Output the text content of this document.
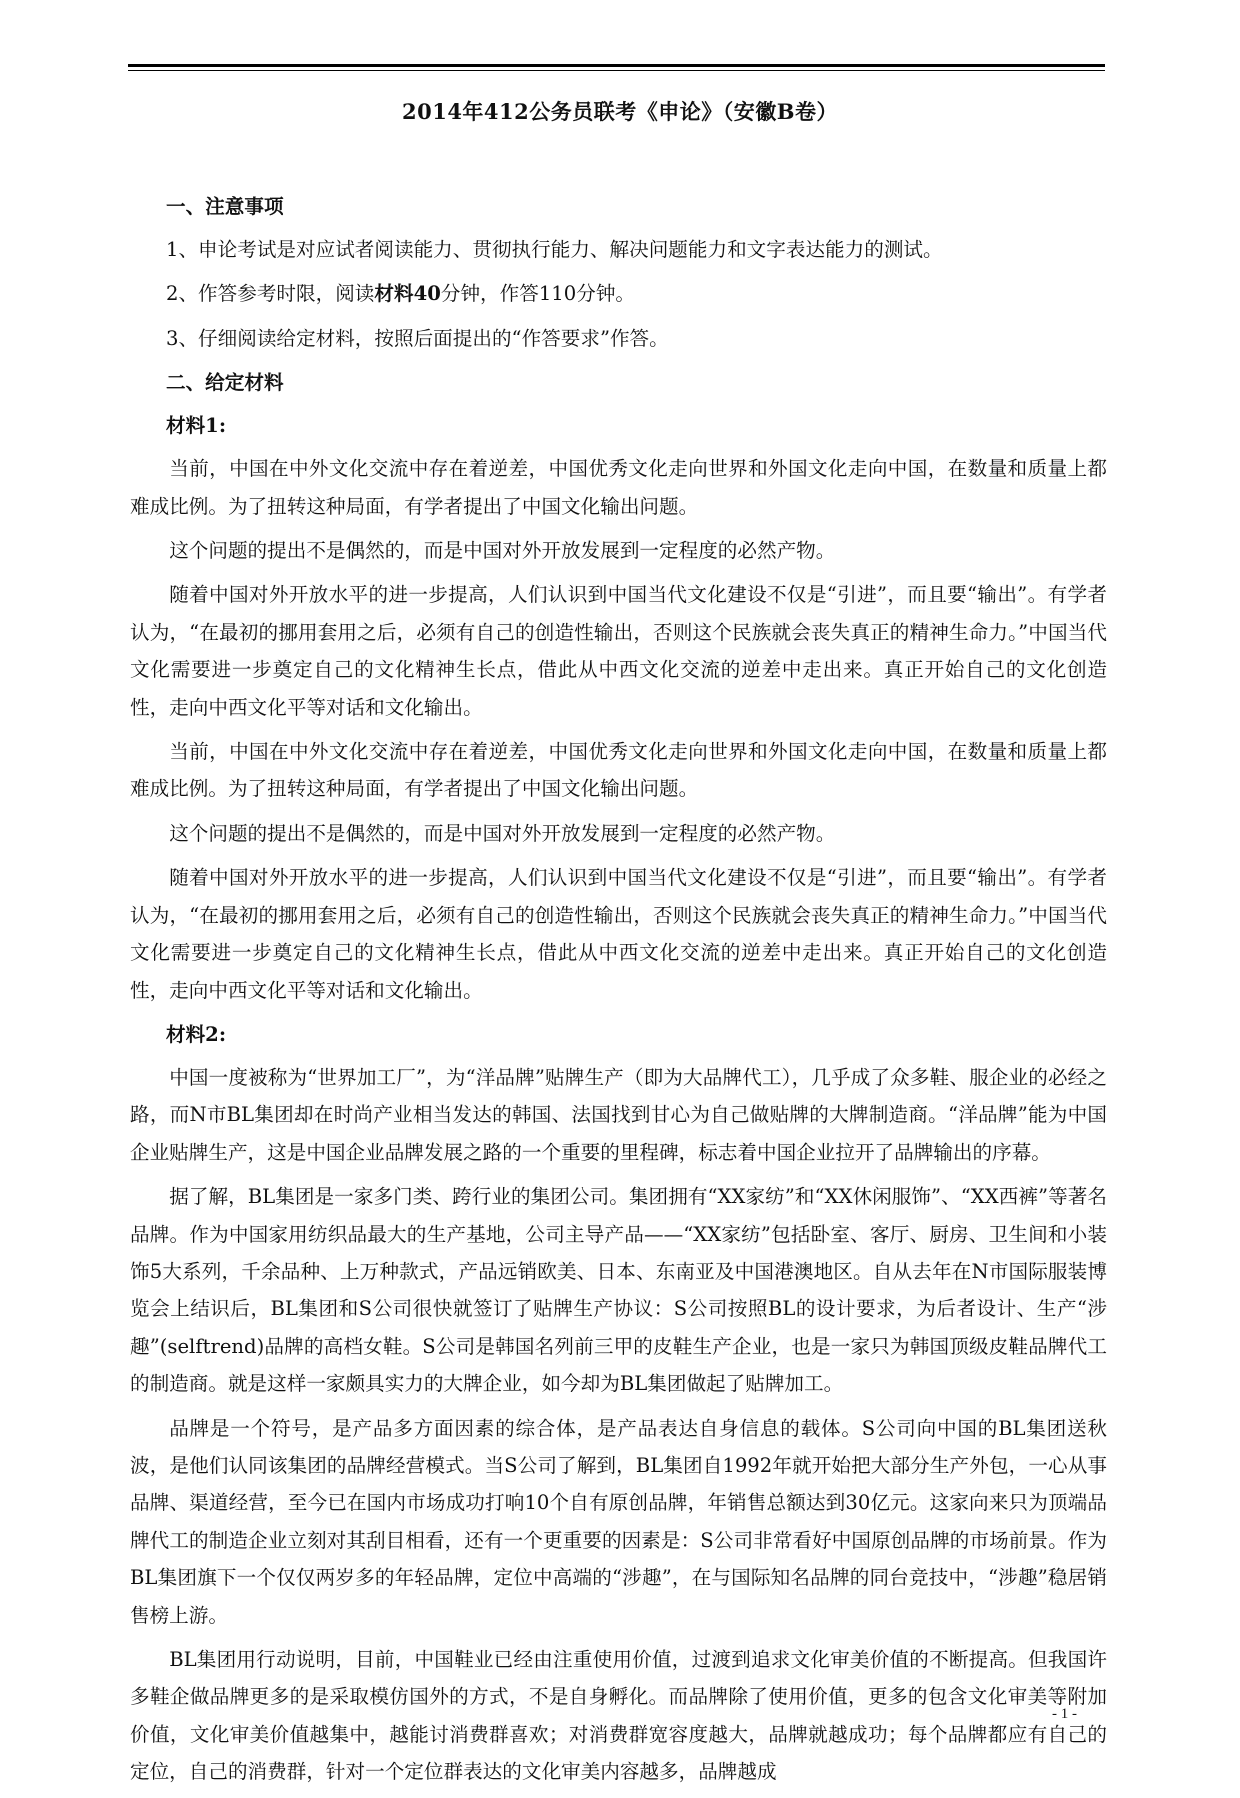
2014年412公务员联考《申论》（安徽B卷）
一、注意事项
1、申论考试是对应试者阅读能力、贯彻执行能力、解决问题能力和文字表达能力的测试。
2、作答参考时限，阅读材料40分钟，作答110分钟。
3、仔细阅读给定材料，按照后面提出的“作答要求”作答。
二、给定材料
材料1:

当前，中国在中外文化交流中存在着逆差，中国优秀文化走向世界和外国文化走向中国，在数量和质量上都难成比例。为了扭转这种局面，有学者提出了中国文化输出问题。

这个问题的提出不是偶然的，而是中国对外开放发展到一定程度的必然产物。

随着中国对外开放水平的进一步提高，人们认识到中国当代文化建设不仅是“引进”，而且要“输出”。有学者认为，“在最初的挪用套用之后，必须有自己的创造性输出，否则这个民族就会丧失真正的精神生命力。”中国当代文化需要进一步奠定自己的文化精神生长点，借此从中西文化交流的逆差中走出来。真正开始自己的文化创造性，走向中西文化平等对话和文化输出。

当前，中国在中外文化交流中存在着逆差，中国优秀文化走向世界和外国文化走向中国，在数量和质量上都难成比例。为了扭转这种局面，有学者提出了中国文化输出问题。

这个问题的提出不是偶然的，而是中国对外开放发展到一定程度的必然产物。

随着中国对外开放水平的进一步提高，人们认识到中国当代文化建设不仅是“引进”，而且要“输出”。有学者认为，“在最初的挪用套用之后，必须有自己的创造性输出，否则这个民族就会丧失真正的精神生命力。”中国当代文化需要进一步奠定自己的文化精神生长点，借此从中西文化交流的逆差中走出来。真正开始自己的文化创造性，走向中西文化平等对话和文化输出。

材料2:

中国一度被称为“世界加工厂”，为“洋品牌”贴牌生产（即为大品牌代工），几乎成了众多鞋、服企业的必经之路，而N市BL集团却在时尚产业相当发达的韩国、法国找到甘心为自己做贴牌的大牌制造商。“洋品牌”能为中国企业贴牌生产，这是中国企业品牌发展之路的一个重要的里程碑，标志着中国企业拉开了品牌输出的序幕。

据了解，BL集团是一家多门类、跨行业的集团公司。集团拥有“XX家纺”和“XX休闲服饰”、“XX西裤”等著名品牌。作为中国家用纺织品最大的生产基地，公司主导产品——“XX家纺”包括卧室、客厅、厨房、卫生间和小装饰5大系列，千余品种、上万种款式，产品远销欧美、日本、东南亚及中国港澳地区。自从去年在N市国际服装博览会上结识后，BL集团和S公司很快就签订了贴牌生产协议：S公司按照BL的设计要求，为后者设计、生产“涉趣”(selftrend)品牌的高档女鞋。S公司是韩国名列前三甲的皮鞋生产企业，也是一家只为韩国顶级皮鞋品牌代工的制造商。就是这样一家颇具实力的大牌企业，如今却为BL集团做起了贴牌加工。

品牌是一个符号，是产品多方面因素的综合体，是产品表达自身信息的载体。S公司向中国的BL集团送秋波，是他们认同该集团的品牌经营模式。当S公司了解到，BL集团自1992年就开始把大部分生产外包，一心从事品牌、渠道经营，至今已在国内市场成功打响10个自有原创品牌，年销售总额达到30亿元。这家向来只为顶端品牌代工的制造企业立刻对其刮目相看，还有一个更重要的因素是：S公司非常看好中国原创品牌的市场前景。作为BL集团旗下一个仅仅两岁多的年轻品牌，定位中高端的“涉趣”，在与国际知名品牌的同台竞技中，“涉趣”稳居销售榜上游。

BL集团用行动说明，目前，中国鞋业已经由注重使用价值，过渡到追求文化审美价值的不断提高。但我国许多鞋企做品牌更多的是采取模仿国外的方式，不是自身孵化。而品牌除了使用价值，更多的包含文化审美等附加价值，文化审美价值越集中，越能讨消费群喜欢；对消费群宽容度越大，品牌就越成功；每个品牌都应有自己的定位，自己的消费群，针对一个定位群表达的文化审美内容越多，品牌越成

- 1 -
